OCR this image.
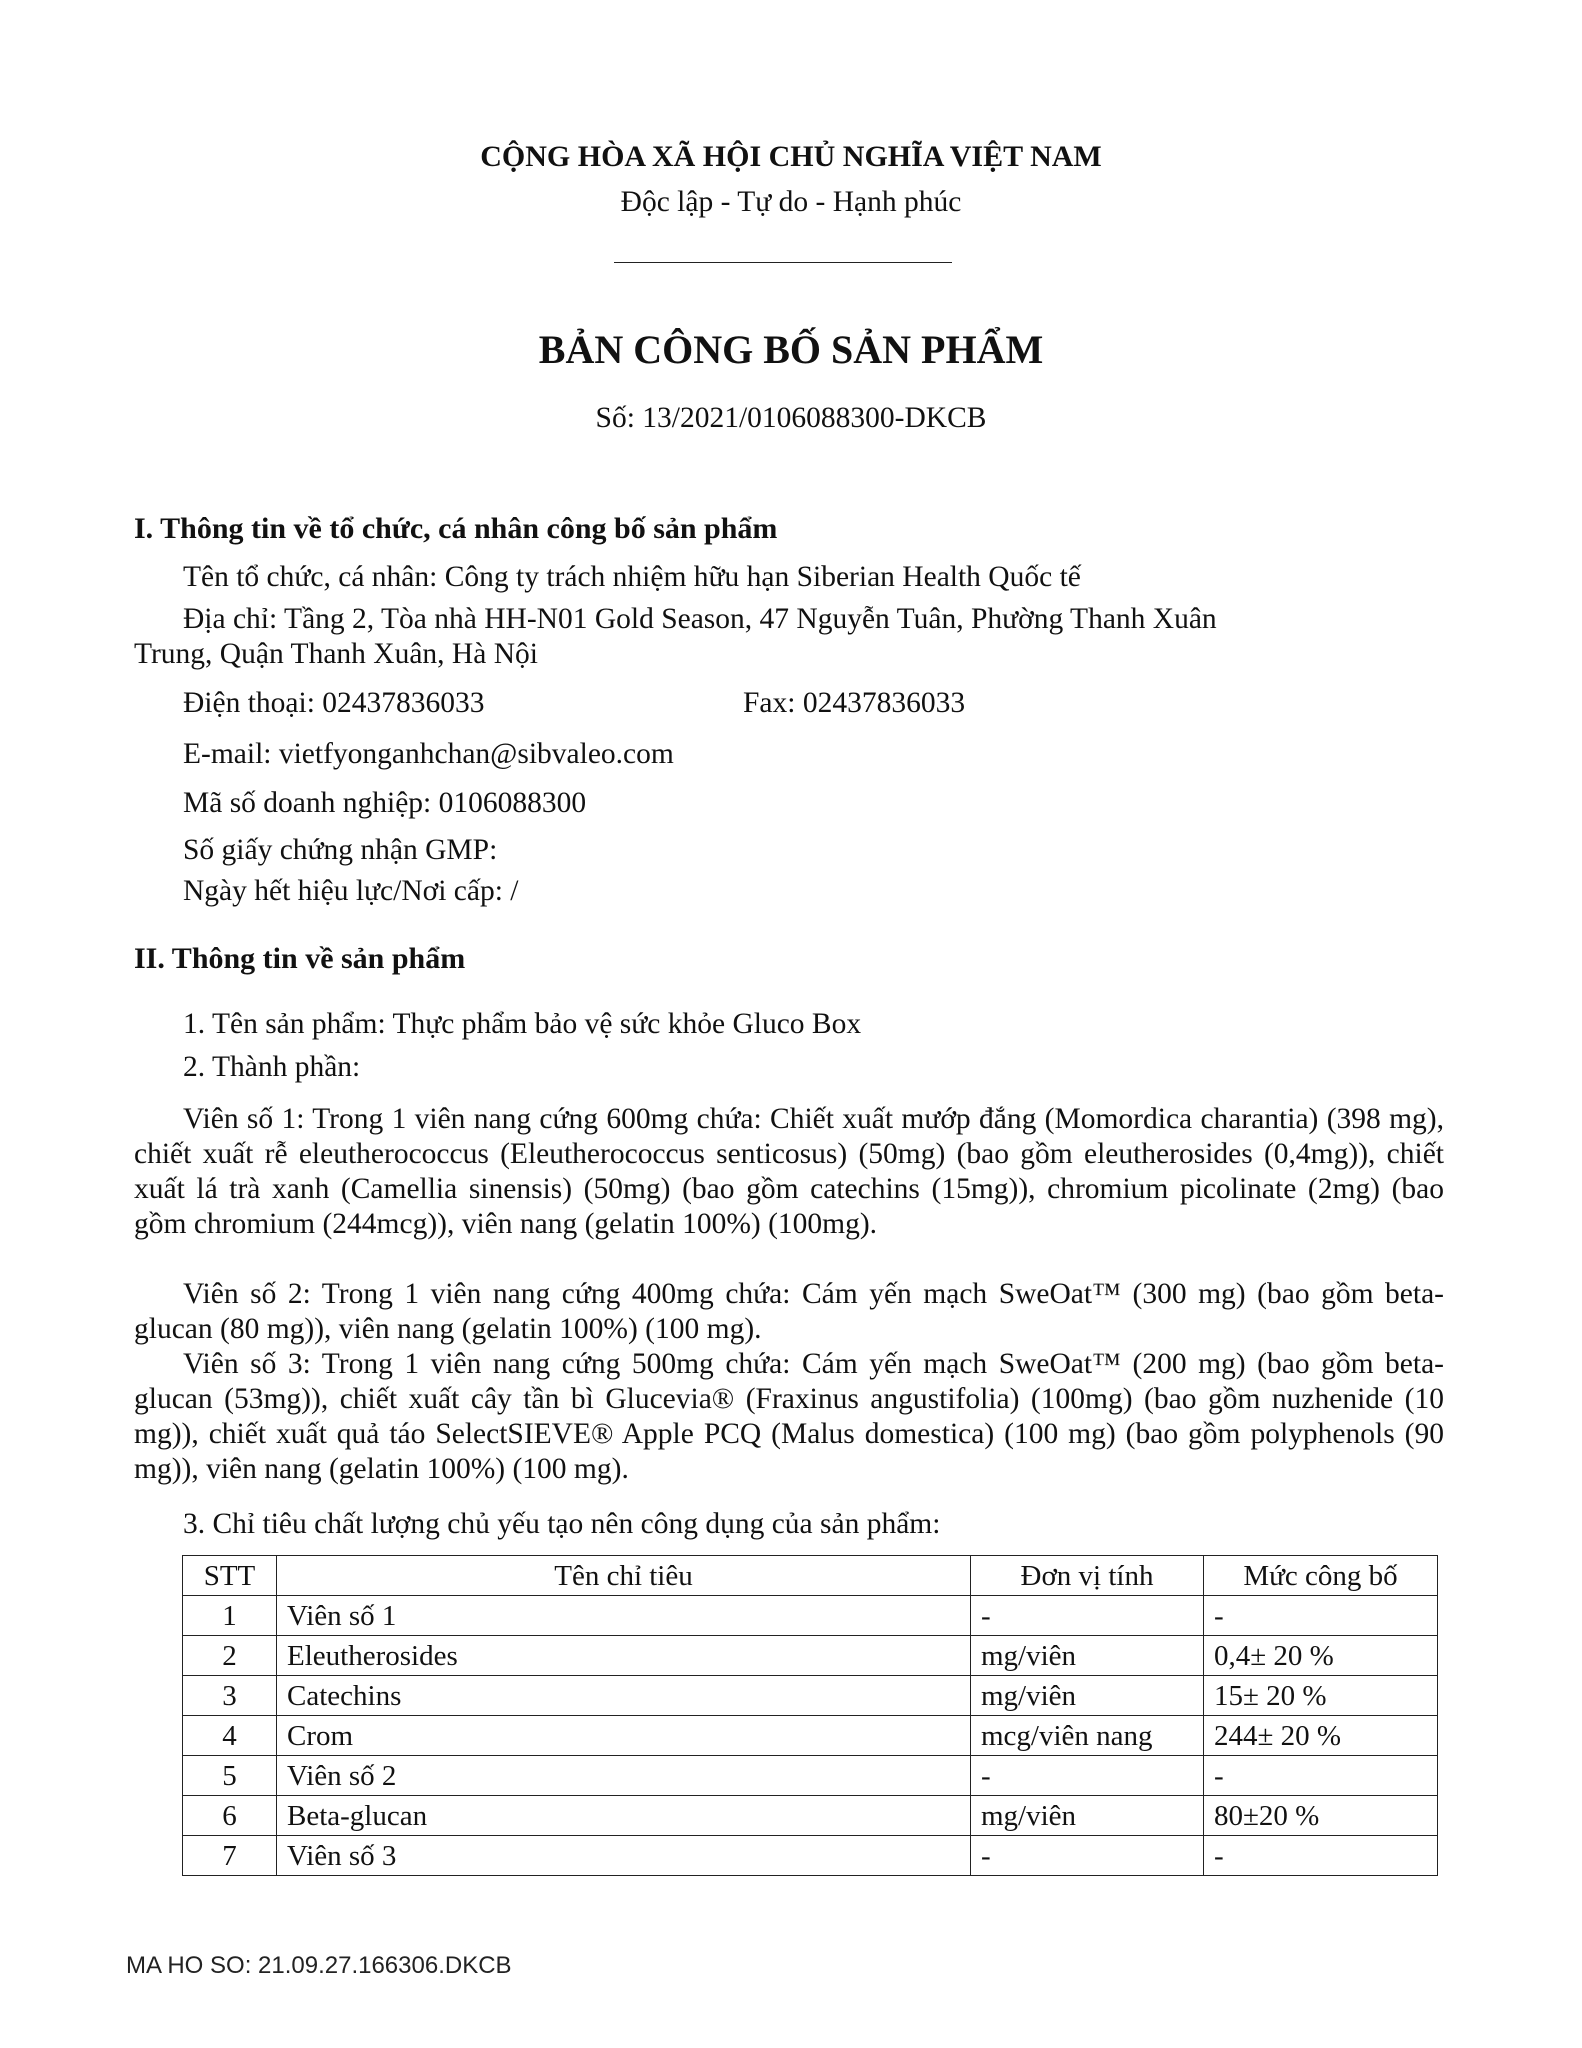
CỘNG HÒA XÃ HỘI CHỦ NGHĨA VIỆT NAM
Độc lập - Tự do - Hạnh phúc
BẢN CÔNG BỐ SẢN PHẨM
Số: 13/2021/0106088300-DKCB
I. Thông tin về tổ chức, cá nhân công bố sản phẩm
Tên tổ chức, cá nhân: Công ty trách nhiệm hữu hạn Siberian Health Quốc tế
Địa chỉ: Tầng 2, Tòa nhà HH-N01 Gold Season, 47 Nguyễn Tuân, Phường Thanh Xuân
Trung, Quận Thanh Xuân, Hà Nội
Điện thoại: 02437836033	Fax: 02437836033
E-mail: vietfyonganhchan@sibvaleo.com
Mã số doanh nghiệp: 0106088300
Số giấy chứng nhận GMP:
Ngày hết hiệu lực/Nơi cấp: /
II. Thông tin về sản phẩm
1. Tên sản phẩm: Thực phẩm bảo vệ sức khỏe Gluco Box
2. Thành phần:
Viên số 1: Trong 1 viên nang cứng 600mg chứa: Chiết xuất mướp đắng (Momordica charantia) (398 mg), chiết xuất rễ eleutherococcus (Eleutherococcus senticosus) (50mg) (bao gồm eleutherosides (0,4mg)), chiết xuất lá trà xanh (Camellia sinensis) (50mg) (bao gồm catechins (15mg)), chromium picolinate (2mg) (bao gồm chromium (244mcg)), viên nang (gelatin 100%) (100mg).
Viên số 2: Trong 1 viên nang cứng 400mg chứa: Cám yến mạch SweOat™ (300 mg) (bao gồm beta-glucan (80 mg)), viên nang (gelatin 100%) (100 mg).
Viên số 3: Trong 1 viên nang cứng 500mg chứa: Cám yến mạch SweOat™ (200 mg) (bao gồm beta-glucan (53mg)), chiết xuất cây tần bì Glucevia® (Fraxinus angustifolia) (100mg) (bao gồm nuzhenide (10 mg)), chiết xuất quả táo SelectSIEVE® Apple PCQ (Malus domestica) (100 mg) (bao gồm polyphenols (90 mg)), viên nang (gelatin 100%) (100 mg).
3. Chỉ tiêu chất lượng chủ yếu tạo nên công dụng của sản phẩm:
STT	Tên chỉ tiêu	Đơn vị tính	Mức công bố
1	Viên số 1	-	-
2	Eleutherosides	mg/viên	0,4± 20 %
3	Catechins	mg/viên	15± 20 %
4	Crom	mcg/viên nang	244± 20 %
5	Viên số 2	-	-
6	Beta-glucan	mg/viên	80±20 %
7	Viên số 3	-	-
MA HO SO: 21.09.27.166306.DKCB
